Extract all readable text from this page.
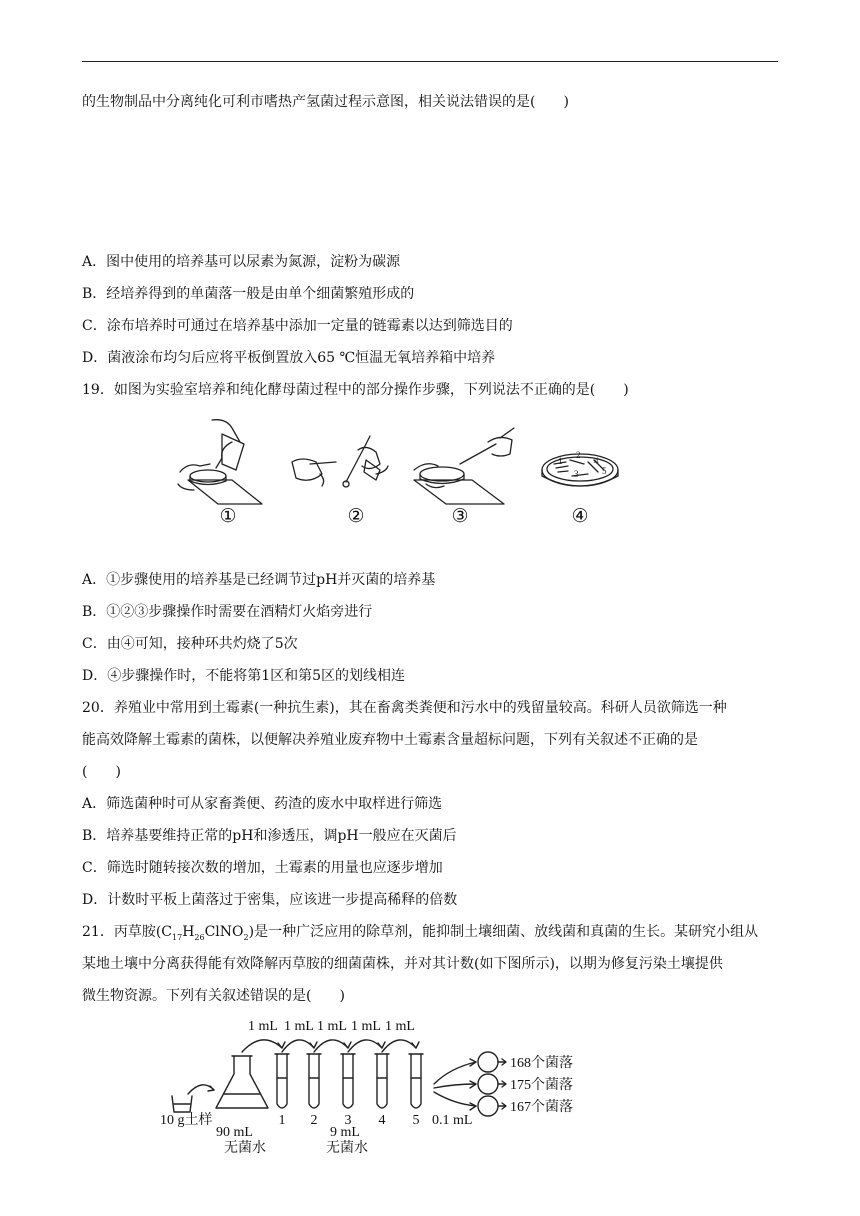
的生物制品中分离纯化可利市嗜热产氢菌过程示意图，相关说法错误的是(　　)
A．图中使用的培养基可以尿素为氮源，淀粉为碳源
B．经培养得到的单菌落一般是由单个细菌繁殖形成的
C．涂布培养时可通过在培养基中添加一定量的链霉素以达到筛选目的
D．菌液涂布均匀后应将平板倒置放入65 ℃恒温无氧培养箱中培养
19．如图为实验室培养和纯化酵母菌过程中的部分操作步骤，下列说法不正确的是(　　)
1
2
3
4
5
①	②	③	④
A．①步骤使用的培养基是已经调节过pH并灭菌的培养基
B．①②③步骤操作时需要在酒精灯火焰旁进行
C．由④可知，接种环共灼烧了5次
D．④步骤操作时，不能将第1区和第5区的划线相连
20．养殖业中常用到土霉素(一种抗生素)，其在畜禽类粪便和污水中的残留量较高。科研人员欲筛选一种
能高效降解土霉素的菌株，以便解决养殖业废弃物中土霉素含量超标问题，下列有关叙述不正确的是
(　　)
A．筛选菌种时可从家畜粪便、药渣的废水中取样进行筛选
B．培养基要维持正常的pH和渗透压，调pH一般应在灭菌后
C．筛选时随转接次数的增加，土霉素的用量也应逐步增加
D．计数时平板上菌落过于密集，应该进一步提高稀释的倍数
21．丙草胺$(C_{17}H_{26}ClNO_2)$是一种广泛应用的除草剂，能抑制土壤细菌、放线菌和真菌的生长。某研究小组从
某地土壤中分离获得能有效降解丙草胺的细菌菌株，并对其计数(如下图所示)，以期为修复污染土壤提供
微生物资源。下列有关叙述错误的是(　　)
10 g土样
90 mL
无菌水
9 mL
无菌水
0.1 mL
168个菌落
175个菌落
167个菌落
1 mL 1 mL 1 mL 1 mL 1 mL
1 2 3 4 5
